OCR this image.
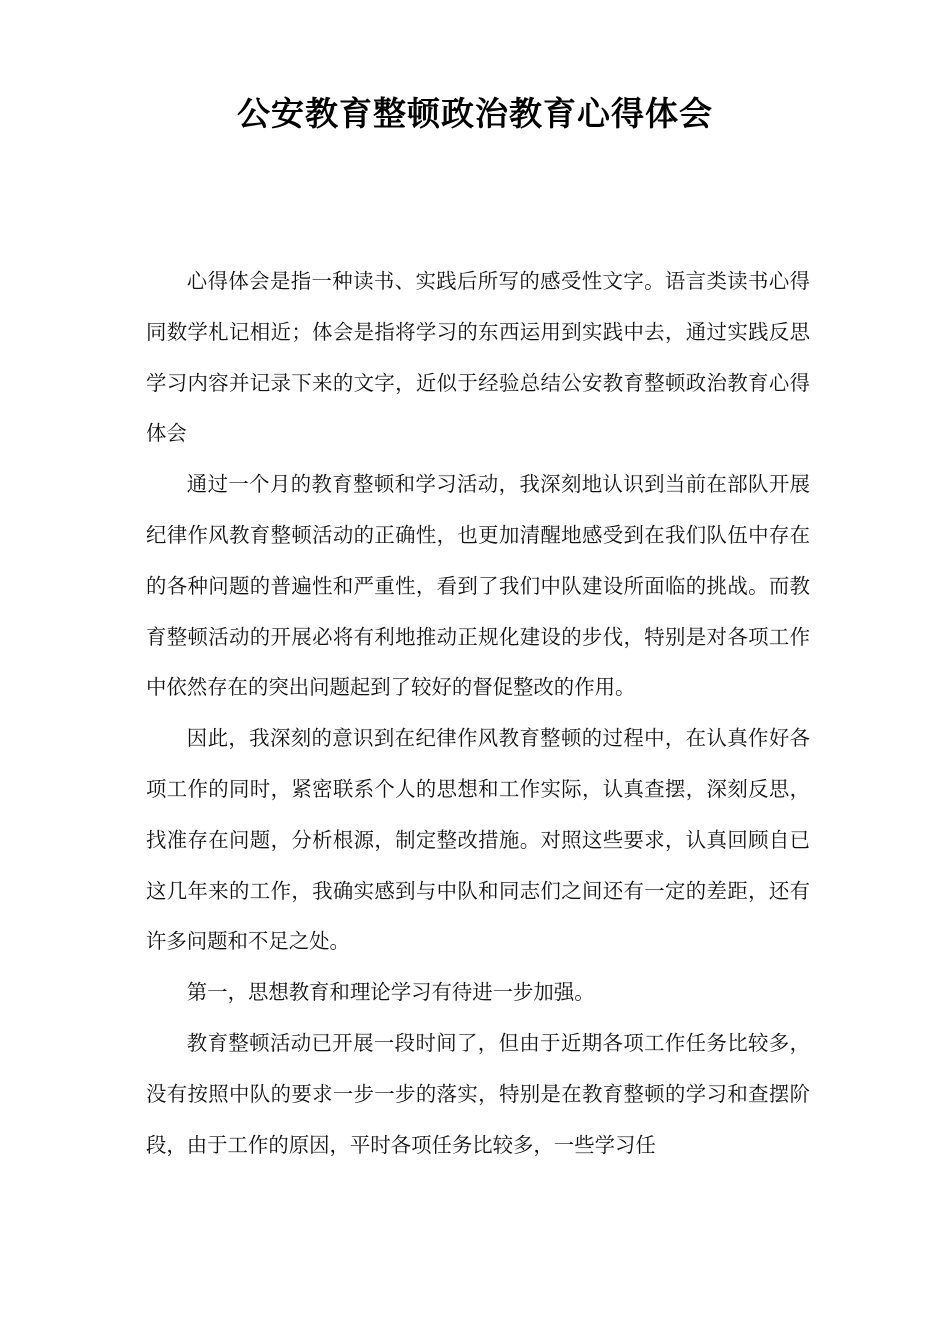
公安教育整顿政治教育心得体会

心得体会是指一种读书、实践后所写的感受性文字。语言类读书心得同数学札记相近；体会是指将学习的东西运用到实践中去，通过实践反思学习内容并记录下来的文字，近似于经验总结公安教育整顿政治教育心得体会

通过一个月的教育整顿和学习活动，我深刻地认识到当前在部队开展纪律作风教育整顿活动的正确性，也更加清醒地感受到在我们队伍中存在的各种问题的普遍性和严重性，看到了我们中队建设所面临的挑战。而教育整顿活动的开展必将有利地推动正规化建设的步伐，特别是对各项工作中依然存在的突出问题起到了较好的督促整改的作用。

因此，我深刻的意识到在纪律作风教育整顿的过程中，在认真作好各项工作的同时，紧密联系个人的思想和工作实际，认真查摆，深刻反思，找准存在问题，分析根源，制定整改措施。对照这些要求，认真回顾自已这几年来的工作，我确实感到与中队和同志们之间还有一定的差距，还有许多问题和不足之处。

第一，思想教育和理论学习有待进一步加强。

教育整顿活动已开展一段时间了，但由于近期各项工作任务比较多，没有按照中队的要求一步一步的落实，特别是在教育整顿的学习和查摆阶段，由于工作的原因，平时各项任务比较多，一些学习任
